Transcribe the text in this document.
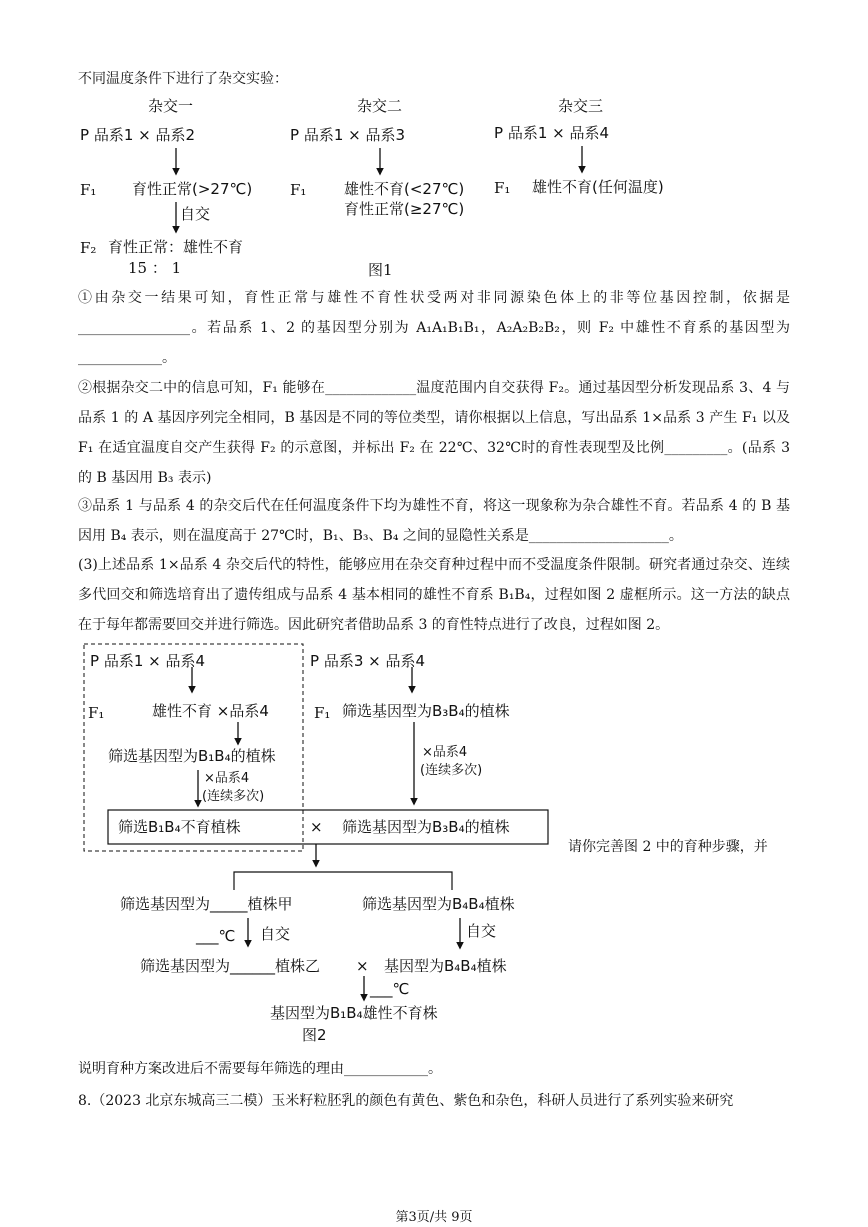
不同温度条件下进行了杂交实验：
杂交一	杂交二	杂交三
P 品系1 × 品系2	P 品系1 × 品系3	P 品系1 × 品系4
F₁ 育性正常(>27℃)
自交
F₂ 育性正常：雄性不育
15 ： 1
F₁	雄性不育(<27℃)
育性正常(≥27℃)
F₁ 雄性不育(任何温度)
图1
①由杂交一结果可知，育性正常与雄性不育性状受两对非同源染色体上的非等位基因控制，依据是________________。若品系 1、2 的基因型分别为 A₁A₁B₁B₁，A₂A₂B₂B₂，则 F₂ 中雄性不育系的基因型为____________。
②根据杂交二中的信息可知，F₁ 能够在_____________温度范围内自交获得 F₂。通过基因型分析发现品系 3、4 与品系 1 的 A 基因序列完全相同，B 基因是不同的等位类型，请你根据以上信息，写出品系 1×品系 3 产生 F₁ 以及 F₁ 在适宜温度自交产生获得 F₂ 的示意图，并标出 F₂ 在 22℃、32℃时的育性表现型及比例_________。(品系 3 的 B 基因用 B₃ 表示)
③品系 1 与品系 4 的杂交后代在任何温度条件下均为雄性不育，将这一现象称为杂合雄性不育。若品系 4 的 B 基因用 B₄ 表示，则在温度高于 27℃时，B₁、B₃、B₄ 之间的显隐性关系是____________________。
(3)上述品系 1×品系 4 杂交后代的特性，能够应用在杂交育种过程中而不受温度条件限制。研究者通过杂交、连续多代回交和筛选培育出了遗传组成与品系 4 基本相同的雄性不育系 B₁B₄，过程如图 2 虚框所示。这一方法的缺点在于每年都需要回交并进行筛选。因此研究者借助品系 3 的育性特点进行了改良，过程如图 2。
P 品系1 × 品系4
F₁	雄性不育 ×品系4
筛选基因型为B₁B₄的植株
×品系4
(连续多次)
P 品系3 × 品系4
F₁ 筛选基因型为B₃B₄的植株
×品系4
(连续多次)
筛选B₁B₄不育植株	× 筛选基因型为B₃B₄的植株
请你完善图 2 中的育种步骤，并
筛选基因型为_____植株甲	筛选基因型为B₄B₄植株
___℃ 自交	自交
筛选基因型为______植株乙 × 基因型为B₄B₄植株
___℃
基因型为B₁B₄雄性不育株
图2
说明育种方案改进后不需要每年筛选的理由____________。
8.（2023 北京东城高三二模）玉米籽粒胚乳的颜色有黄色、紫色和杂色，科研人员进行了系列实验来研究
第3页/共 9页
